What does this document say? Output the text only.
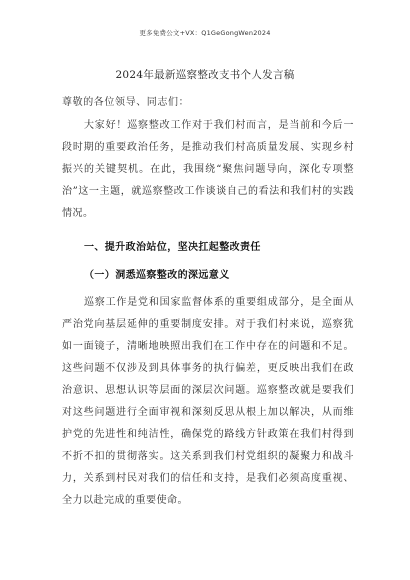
更多免费公文+VX：Q1GeGongWen2024
2024年最新巡察整改支书个人发言稿
尊敬的各位领导、同志们：

大家好！巡察整改工作对于我们村而言，是当前和今后一段时期的重要政治任务，是推动我们村高质量发展、实现乡村振兴的关键契机。在此，我围绕“聚焦问题导向，深化专项整治”这一主题，就巡察整改工作谈谈自己的看法和我们村的实践情况。

一、提升政治站位，坚决扛起整改责任

（一）洞悉巡察整改的深远意义

巡察工作是党和国家监督体系的重要组成部分，是全面从严治党向基层延伸的重要制度安排。对于我们村来说，巡察犹如一面镜子，清晰地映照出我们在工作中存在的问题和不足。这些问题不仅涉及到具体事务的执行偏差，更反映出我们在政治意识、思想认识等层面的深层次问题。巡察整改就是要我们对这些问题进行全面审视和深刻反思从根上加以解决，从而维护党的先进性和纯洁性，确保党的路线方针政策在我们村得到不折不扣的贯彻落实。这关系到我们村党组织的凝聚力和战斗力，关系到村民对我们的信任和支持，是我们必须高度重视、全力以赴完成的重要使命。
